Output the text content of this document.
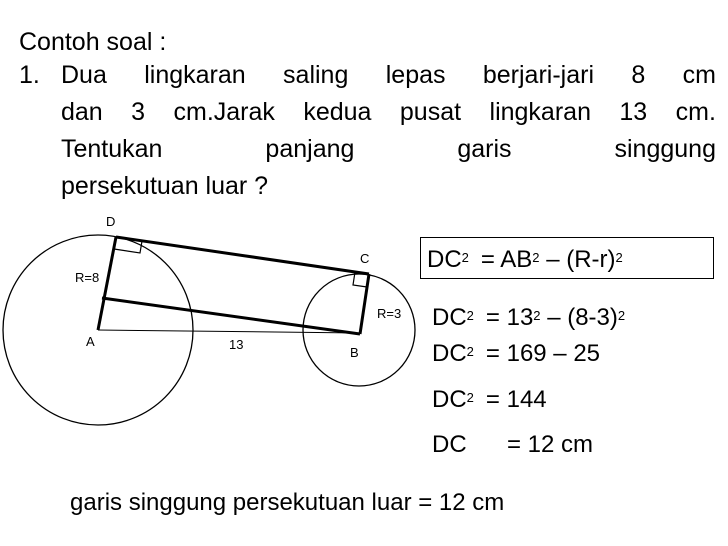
Contoh soal :
1. Dua lingkaran saling lepas berjari-jari 8 cm
dan 3 cm.Jarak kedua pusat lingkaran 13 cm.
Tentukan	panjang	garis	singgung
persekutuan luar ?
D
C
R=8
R=3
A
B
13
$DC^2 = AB^2 - (R-r)^2$
$DC^2 = 13^2 - (8-3)^2$
$DC^2 = 169 - 25$
$DC^2 = 144$
DC = 12 cm
garis singgung persekutuan luar = 12 cm
